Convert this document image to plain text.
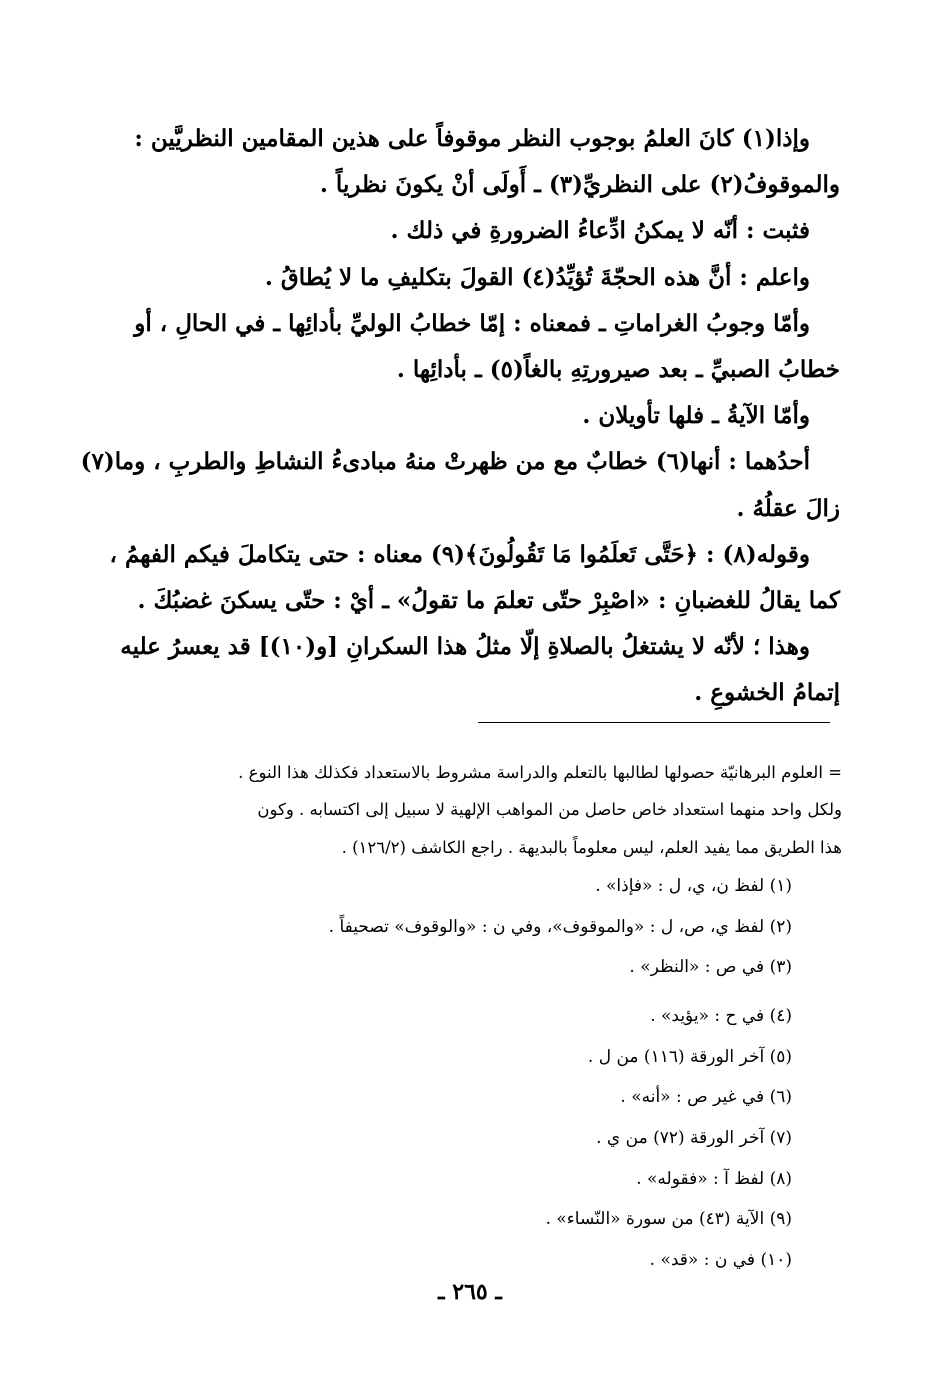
وإذا(١) كانَ العلمُ بوجوب النظر موقوفاً على هذين المقامين النظريَّين :
والموقوفُ(٢) على النظريِّ(٣) ـ أَولَى أنْ يكونَ نظرياً .
فثبت : أنّه لا يمكنُ ادِّعاءُ الضرورةِ في ذلك .
واعلم : أنَّ هذه الحجّةَ تُؤيِّدُ(٤) القولَ بتكليفِ ما لا يُطاقُ .
وأمّا وجوبُ الغراماتِ ـ فمعناه : إمّا خطابُ الوليِّ بأدائِها ـ في الحالِ ، أو
خطابُ الصبيِّ ـ بعد صيرورتِهِ بالغاً(٥) ـ بأدائِها .
وأمّا الآيةُ ـ فلها تأويلان .
أحدُهما : أنها(٦) خطابٌ مع من ظهرتْ منهُ مبادىءُ النشاطِ والطربِ ، وما(٧)
زالَ عقلُهُ .
وقوله(٨) : ﴿حَتَّى تَعلَمُوا مَا تَقُولُونَ﴾(٩) معناه : حتى يتكاملَ فيكم الفهمُ ،
كما يقالُ للغضبانِ : «اصْبِرْ حتّى تعلمَ ما تقولُ» ـ أيْ : حتّى يسكنَ غضبُكَ .
وهذا ؛ لأنّه لا يشتغلُ بالصلاةِ إلّا مثلُ هذا السكرانِ [و(١٠)] قد يعسرُ عليه
إتمامُ الخشوعِ .
= العلوم البرهانيّة حصولها لطالبها بالتعلم والدراسة مشروط بالاستعداد فكذلك هذا النوع .
ولكل واحد منهما استعداد خاص حاصل من المواهب الإلهية لا سبيل إلى اكتسابه . وكون
هذا الطريق مما يفيد العلم، ليس معلوماً بالبديهة . راجع الكاشف (١٢٦/٢) .
(١) لفظ ن، ي، ل : «فإذا» .
(٢) لفظ ي، ص، ل : «والموقوف»، وفي ن : «والوقوف» تصحيفاً .
(٣) في ص : «النظر» .
(٤) في ح : «يؤيد» .
(٥) آخر الورقة (١١٦) من ل .
(٦) في غير ص : «أنه» .
(٧) آخر الورقة (٧٢) من ي .
(٨) لفظ آ : «فقوله» .
(٩) الآية (٤٣) من سورة «النّساء» .
(١٠) في ن : «قد» .
ـ ٢٦٥ ـ
